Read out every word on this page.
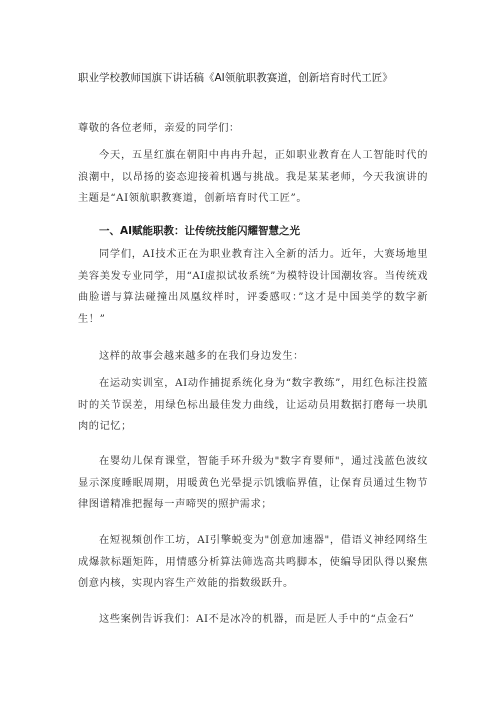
职业学校教师国旗下讲话稿《AI领航职教赛道，创新培育时代工匠》

尊敬的各位老师，亲爱的同学们：

今天，五星红旗在朝阳中冉冉升起，正如职业教育在人工智能时代的浪潮中，以昂扬的姿态迎接着机遇与挑战。我是某某老师，今天我演讲的主题是“AI领航职教赛道，创新培育时代工匠”。

一、AI赋能职教：让传统技能闪耀智慧之光

同学们，AI技术正在为职业教育注入全新的活力。近年，大赛场地里美容美发专业同学，用“AI虚拟试妆系统”为模特设计国潮妆容。当传统戏曲脸谱与算法碰撞出凤凰纹样时，评委感叹：”这才是中国美学的数字新生！”

这样的故事会越来越多的在我们身边发生：

在运动实训室，AI动作捕捉系统化身为“数字教练”，用红色标注投篮时的关节误差，用绿色标出最佳发力曲线，让运动员用数据打磨每一块肌肉的记忆；

在婴幼儿保育课堂，智能手环升级为"数字育婴师"，通过浅蓝色波纹显示深度睡眠周期，用暖黄色光晕提示饥饿临界值，让保育员通过生物节律图谱精准把握每一声啼哭的照护需求；

在短视频创作工坊，AI引擎蜕变为"创意加速器"，借语义神经网络生成爆款标题矩阵，用情感分析算法筛选高共鸣脚本，使编导团队得以聚焦创意内核，实现内容生产效能的指数级跃升。

这些案例告诉我们：AI不是冰冷的机器，而是匠人手中的“点金石”
